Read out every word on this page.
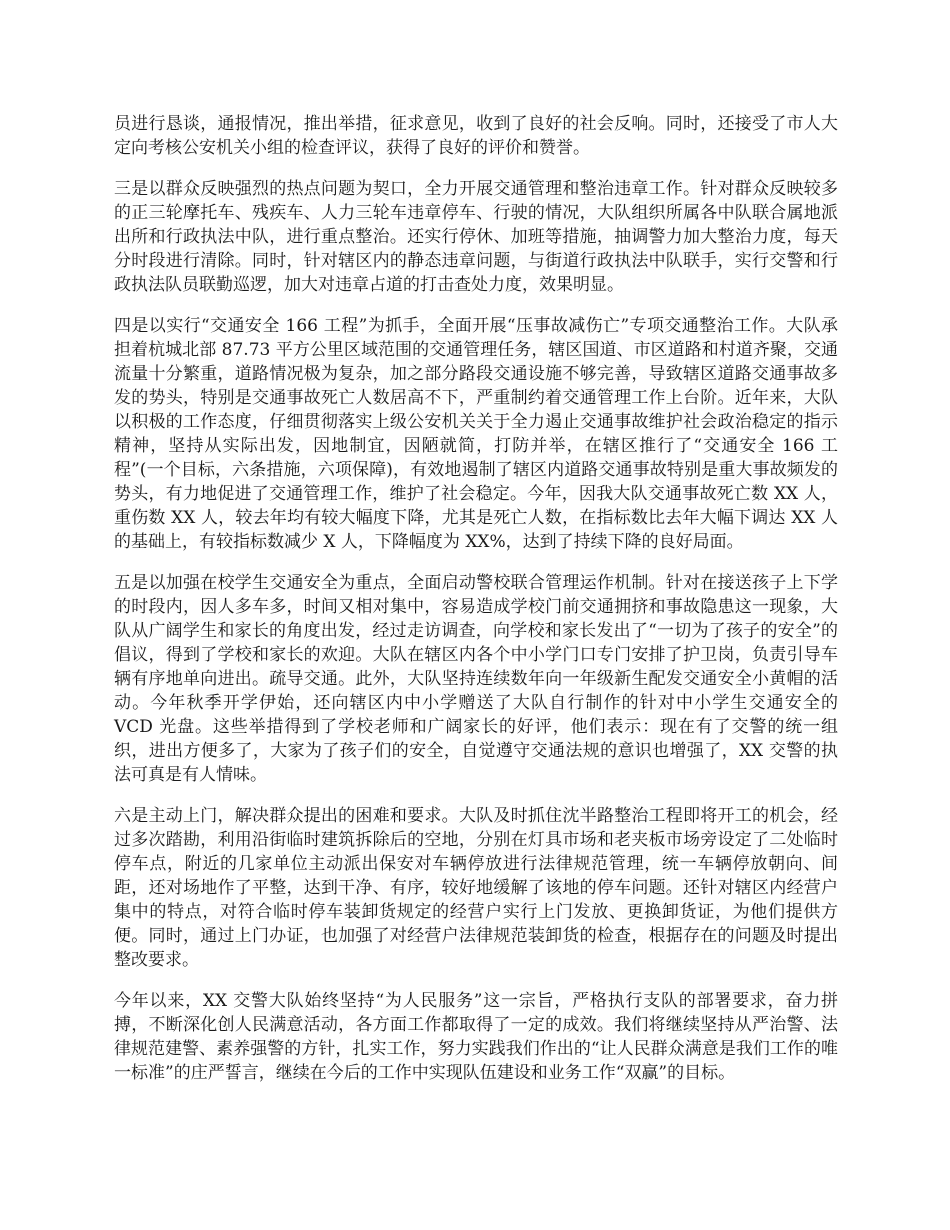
员进行恳谈，通报情况，推出举措，征求意见，收到了良好的社会反响。同时，还接受了市人大定向考核公安机关小组的检查评议，获得了良好的评价和赞誉。

三是以群众反映强烈的热点问题为契口，全力开展交通管理和整治违章工作。针对群众反映较多的正三轮摩托车、残疾车、人力三轮车违章停车、行驶的情况，大队组织所属各中队联合属地派出所和行政执法中队，进行重点整治。还实行停休、加班等措施，抽调警力加大整治力度，每天分时段进行清除。同时，针对辖区内的静态违章问题，与街道行政执法中队联手，实行交警和行政执法队员联勤巡逻，加大对违章占道的打击查处力度，效果明显。

四是以实行“交通安全 166 工程”为抓手，全面开展“压事故减伤亡”专项交通整治工作。大队承担着杭城北部 87.73 平方公里区域范围的交通管理任务，辖区国道、市区道路和村道齐聚，交通流量十分繁重，道路情况极为复杂，加之部分路段交通设施不够完善，导致辖区道路交通事故多发的势头，特别是交通事故死亡人数居高不下，严重制约着交通管理工作上台阶。近年来，大队以积极的工作态度，仔细贯彻落实上级公安机关关于全力遏止交通事故维护社会政治稳定的指示精神，坚持从实际出发，因地制宜，因陋就简，打防并举，在辖区推行了“交通安全 166 工程”(一个目标，六条措施，六项保障)，有效地遏制了辖区内道路交通事故特别是重大事故频发的势头，有力地促进了交通管理工作，维护了社会稳定。今年，因我大队交通事故死亡数 XX 人，重伤数 XX 人，较去年均有较大幅度下降，尤其是死亡人数，在指标数比去年大幅下调达 XX 人的基础上，有较指标数减少 X 人，下降幅度为 XX%，达到了持续下降的良好局面。

五是以加强在校学生交通安全为重点，全面启动警校联合管理运作机制。针对在接送孩子上下学的时段内，因人多车多，时间又相对集中，容易造成学校门前交通拥挤和事故隐患这一现象，大队从广阔学生和家长的角度出发，经过走访调查，向学校和家长发出了“一切为了孩子的安全”的倡议，得到了学校和家长的欢迎。大队在辖区内各个中小学门口专门安排了护卫岗，负责引导车辆有序地单向进出。疏导交通。此外，大队坚持连续数年向一年级新生配发交通安全小黄帽的活动。今年秋季开学伊始，还向辖区内中小学赠送了大队自行制作的针对中小学生交通安全的 VCD 光盘。这些举措得到了学校老师和广阔家长的好评，他们表示：现在有了交警的统一组织，进出方便多了，大家为了孩子们的安全，自觉遵守交通法规的意识也增强了，XX 交警的执法可真是有人情味。

六是主动上门，解决群众提出的困难和要求。大队及时抓住沈半路整治工程即将开工的机会，经过多次踏勘，利用沿街临时建筑拆除后的空地，分别在灯具市场和老夹板市场旁设定了二处临时停车点，附近的几家单位主动派出保安对车辆停放进行法律规范管理，统一车辆停放朝向、间距，还对场地作了平整，达到干净、有序，较好地缓解了该地的停车问题。还针对辖区内经营户集中的特点，对符合临时停车装卸货规定的经营户实行上门发放、更换卸货证，为他们提供方便。同时，通过上门办证，也加强了对经营户法律规范装卸货的检查，根据存在的问题及时提出整改要求。

今年以来，XX 交警大队始终坚持“为人民服务”这一宗旨，严格执行支队的部署要求，奋力拼搏，不断深化创人民满意活动，各方面工作都取得了一定的成效。我们将继续坚持从严治警、法律规范建警、素养强警的方针，扎实工作，努力实践我们作出的“让人民群众满意是我们工作的唯一标准”的庄严誓言，继续在今后的工作中实现队伍建设和业务工作“双赢”的目标。
